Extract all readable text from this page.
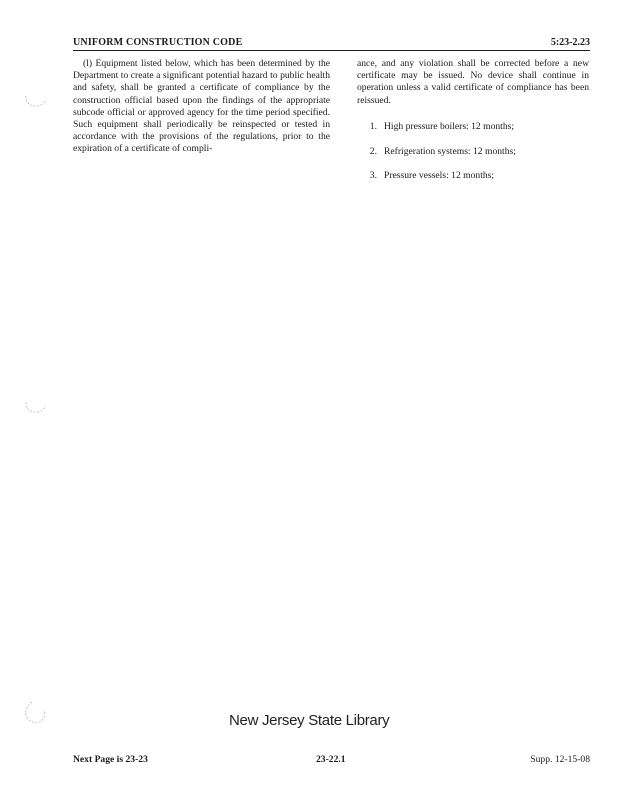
UNIFORM CONSTRUCTION CODE	5:23-2.23

(l) Equipment listed below, which has been determined by the Department to create a significant potential hazard to public health and safety, shall be granted a certificate of compliance by the construction official based upon the findings of the appropriate subcode official or approved agency for the time period specified. Such equipment shall periodically be reinspected or tested in accordance with the provisions of the regulations, prior to the expiration of a certificate of compli-

ance, and any violation shall be corrected before a new certificate may be issued. No device shall continue in operation unless a valid certificate of compliance has been reissued.

1. High pressure boilers: 12 months;
2. Refrigeration systems: 12 months;
3. Pressure vessels: 12 months;
New Jersey State Library
Next Page is 23-23	23-22.1	Supp. 12-15-08
